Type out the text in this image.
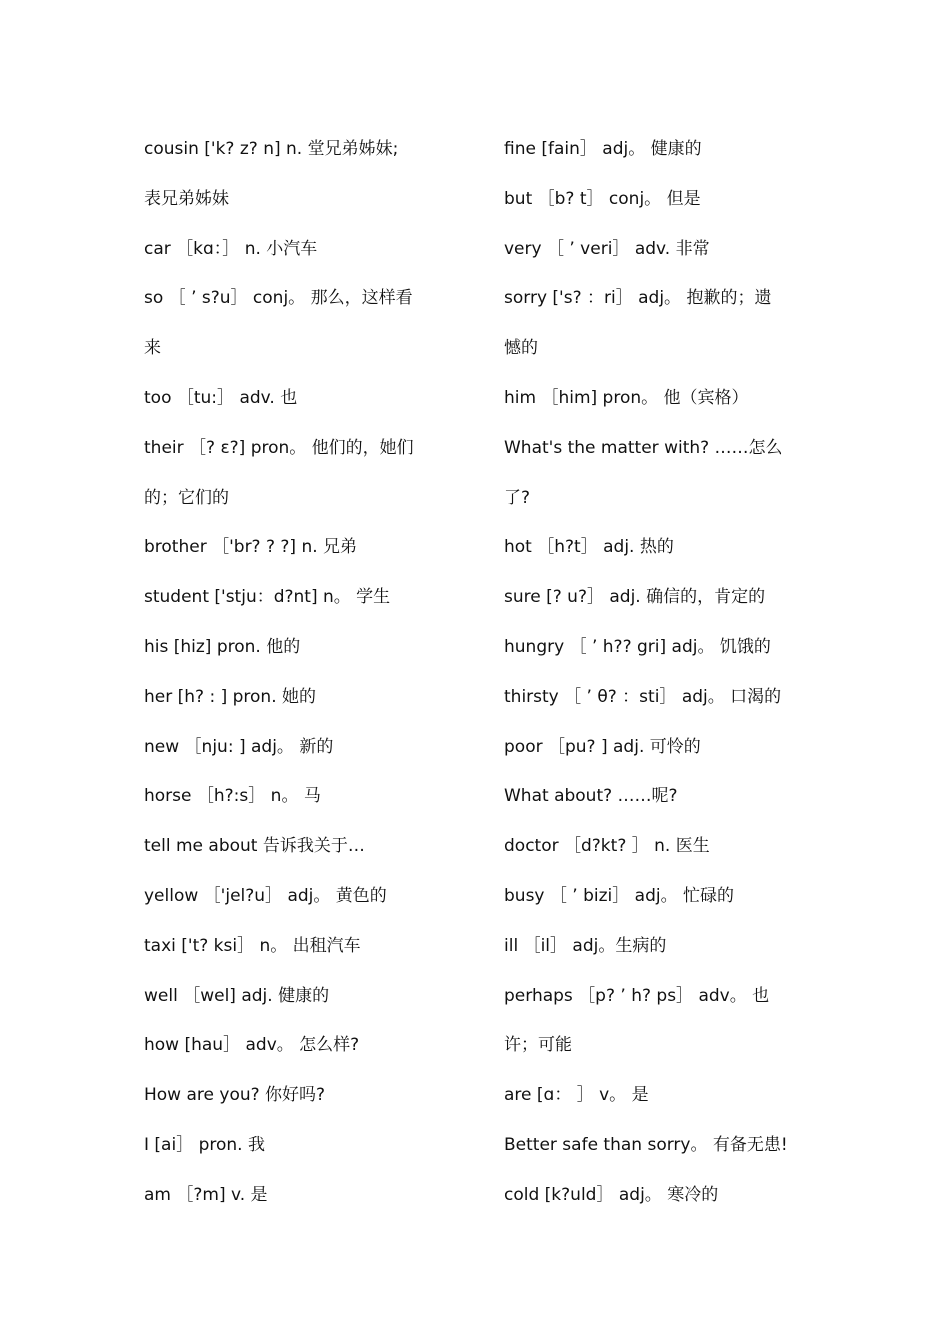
cousin ['k? z? n] n. 堂兄弟姊妹;
表兄弟姊妹
car ［kɑ：］ n. 小汽车
so ［ ’ s?u］ conj。 那么，这样看
来
too ［tu:］ adv. 也
their ［? ε?] pron。 他们的，她们
的；它们的
brother ［'br? ? ?] n. 兄弟
student ['stju：d?nt] n。 学生
his [hiz] pron. 他的
her [h? : ] pron. 她的
new ［nju: ] adj。 新的
horse ［h?:s］ n。 马
tell me about 告诉我关于…
yellow ［'jel?u］ adj。 黄色的
taxi ['t? ksi］ n。 出租汽车
well ［wel] adj. 健康的
how [hau］ adv。 怎么样?
How are you? 你好吗?
I [ai］ pron. 我
am ［?m] v. 是
fine [fain］ adj。 健康的
but ［b? t］ conj。 但是
very ［ ’ veri］ adv. 非常
sorry ['s? ：ri］ adj。 抱歉的；遗
憾的
him ［him] pron。 他（宾格）
What's the matter with? ……怎么
了?
hot ［h?t］ adj. 热的
sure [? u?］ adj. 确信的，肯定的
hungry ［ ’ h?? gri] adj。 饥饿的
thirsty ［ ’ θ? ：sti］ adj。 口渴的
poor ［pu? ] adj. 可怜的
What about? ……呢?
doctor ［d?kt? ］ n. 医生
busy ［ ’ bizi］ adj。 忙碌的
ill ［il］ adj。生病的
perhaps ［p? ’ h? ps］ adv。 也
许；可能
are [ɑ： ］ v。 是
Better safe than sorry。 有备无患!
cold [k?uld］ adj。 寒冷的
